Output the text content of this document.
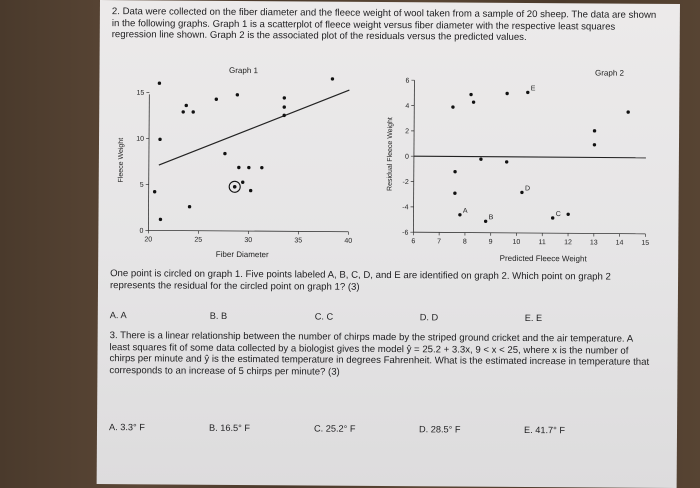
2. Data were collected on the fiber diameter and the fleece weight of wool taken from a sample of 20 sheep. The data are shown in the following graphs. Graph 1 is a scatterplot of fleece weight versus fiber diameter with the respective least squares regression line shown. Graph 2 is the associated plot of the residuals versus the predicted values.

20	25	30	35	40
0
5
10
15
Graph 1
Fiber Diameter
Fleece Weight
6	7	8	9	10	11	12	13	14	15
-6
-4
-2
0
2
4
6
A
B	C
D
E
Graph 2
Predicted Fleece Weight
Residual Fleece Weight
One point is circled on graph 1. Five points labeled A, B, C, D, and E are identified on graph 2. Which point on graph 2 represents the residual for the circled point on graph 1? (3)
A. A	B. B	C. C	D. D	E. E

3. There is a linear relationship between the number of chirps made by the striped ground cricket and the air temperature. A least squares fit of some data collected by a biologist gives the model ŷ = 25.2 + 3.3x, 9 < x < 25, where x is the number of chirps per minute and ŷ is the estimated temperature in degrees Fahrenheit. What is the estimated increase in temperature that corresponds to an increase of 5 chirps per minute? (3)

A. 3.3° F	B. 16.5° F	C. 25.2° F	D. 28.5° F	E. 41.7° F
